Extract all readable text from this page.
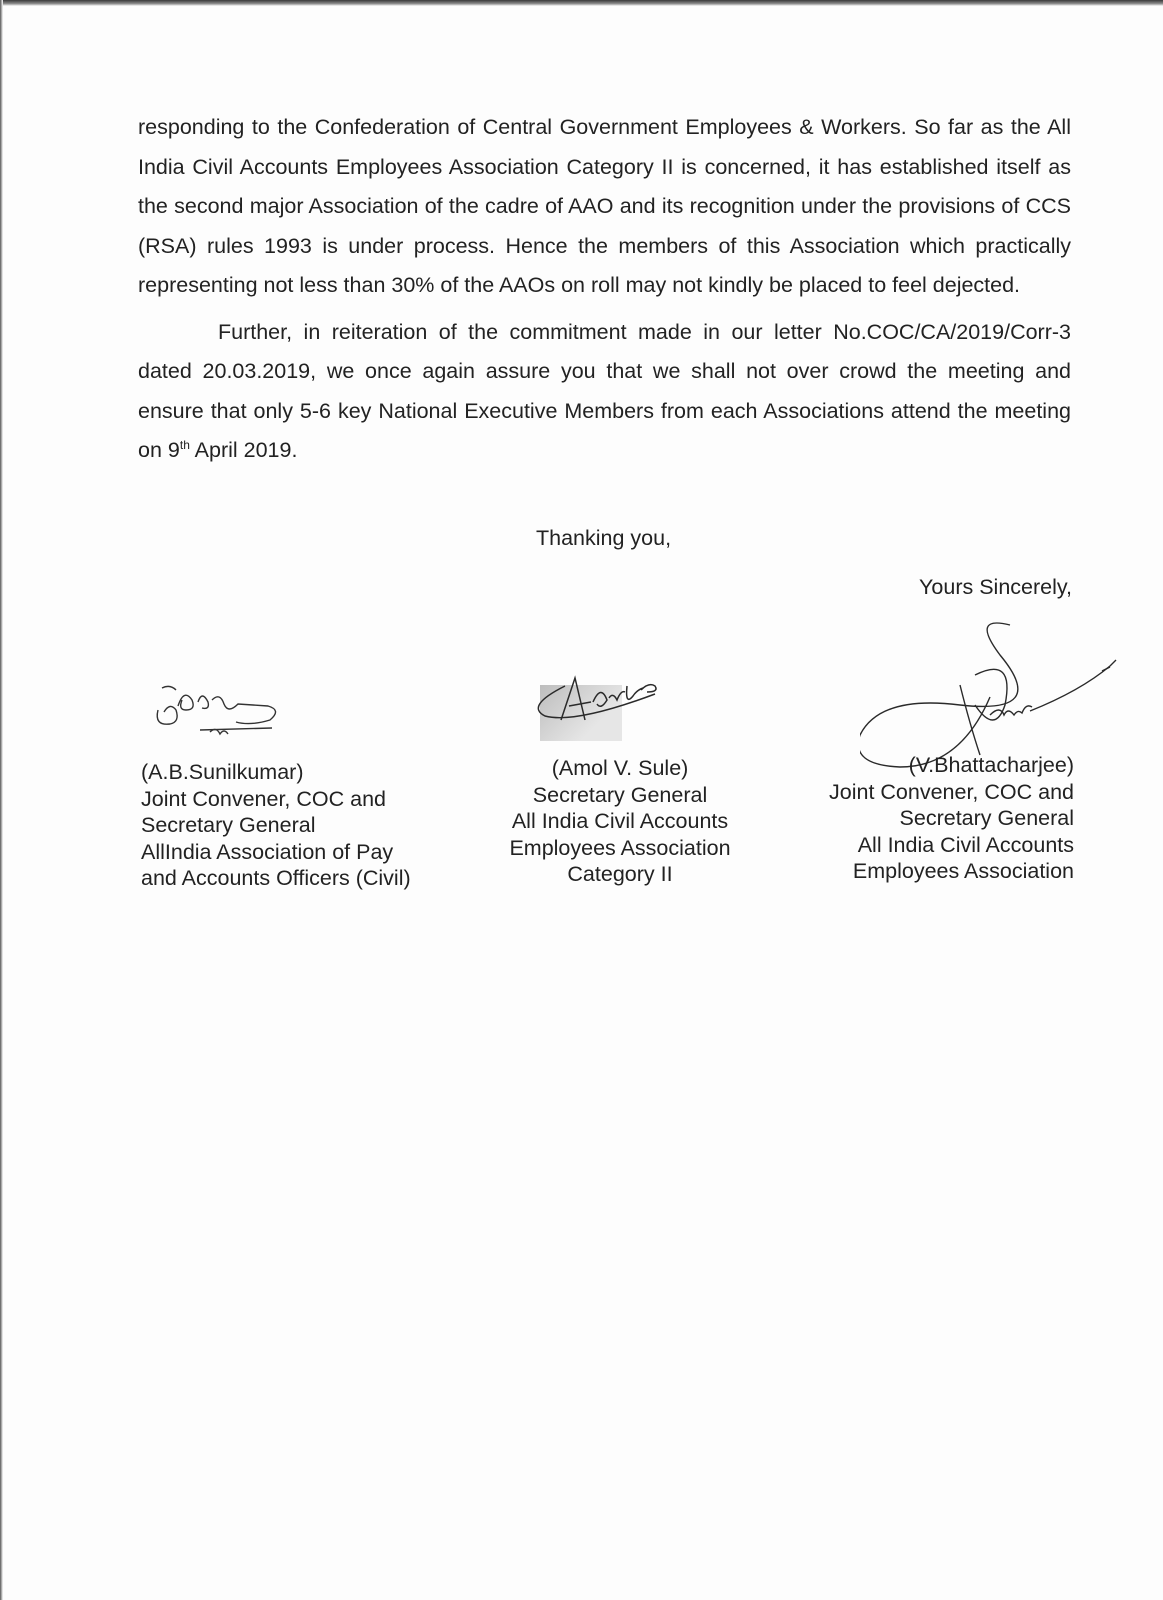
responding to the Confederation of Central Government Employees & Workers. So far as the All India Civil Accounts Employees Association Category II is concerned, it has established itself as the second major Association of the cadre of AAO and its recognition under the provisions of CCS (RSA) rules 1993 is under process. Hence the members of this Association which practically representing not less than 30% of the AAOs on roll may not kindly be placed to feel dejected.

Further, in reiteration of the commitment made in our letter No.COC/CA/2019/Corr-3 dated 20.03.2019, we once again assure you that we shall not over crowd the meeting and ensure that only 5-6 key National Executive Members from each Associations attend the meeting on 9th April 2019.

Thanking you,
Yours Sincerely,
(A.B.Sunilkumar)
Joint Convener, COC and
Secretary General
AllIndia Association of Pay
and Accounts Officers (Civil)
(Amol V. Sule)
Secretary General
All India Civil Accounts
Employees Association
Category II
(V.Bhattacharjee)
Joint Convener, COC and
Secretary General
All India Civil Accounts
Employees Association
